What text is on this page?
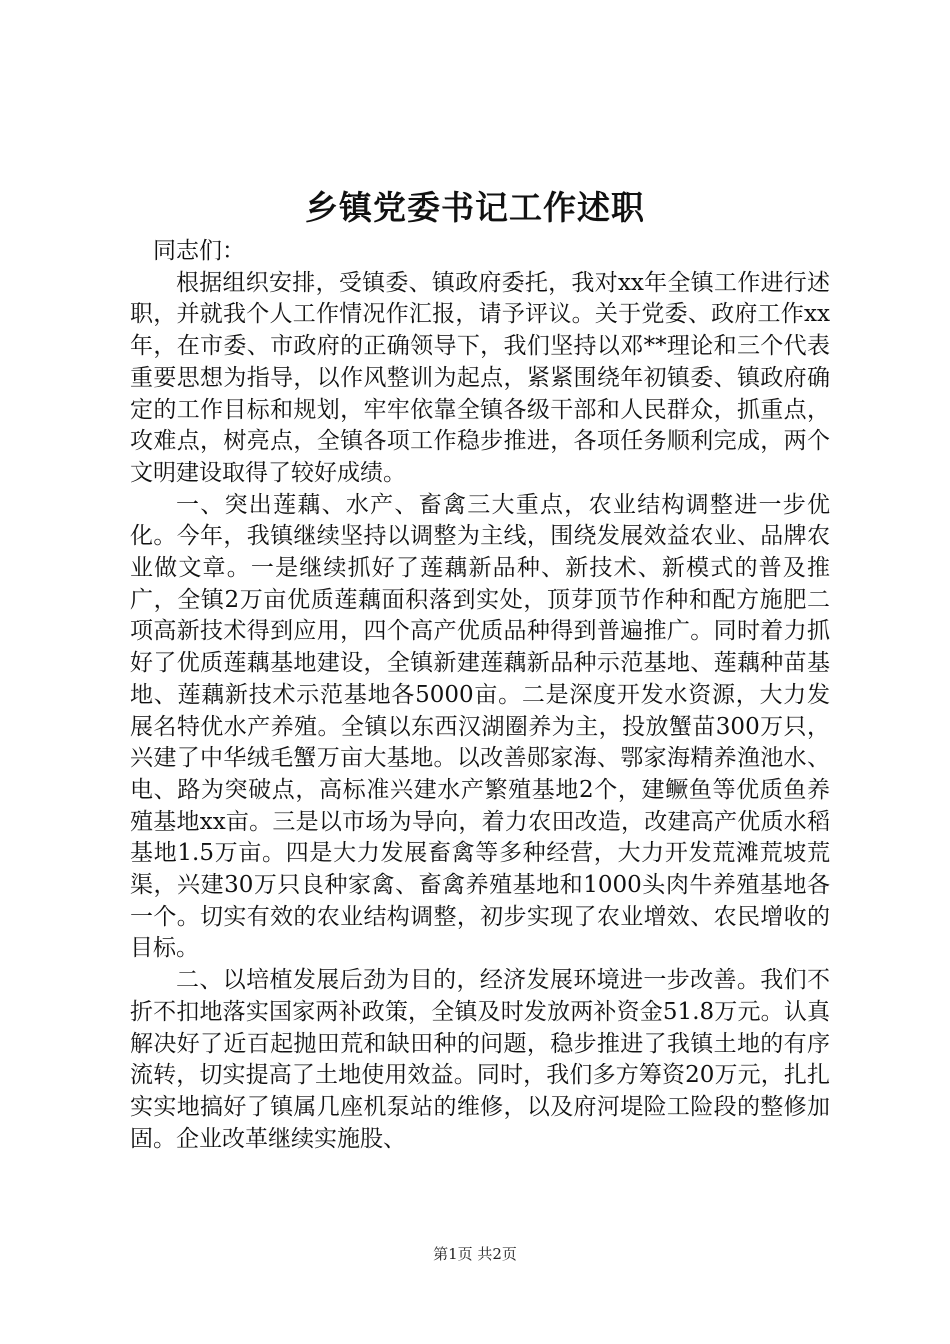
乡镇党委书记工作述职

同志们：

根据组织安排，受镇委、镇政府委托，我对xx年全镇工作进行述职，并就我个人工作情况作汇报，请予评议。关于党委、政府工作xx年，在市委、市政府的正确领导下，我们坚持以邓**理论和三个代表重要思想为指导，以作风整训为起点，紧紧围绕年初镇委、镇政府确定的工作目标和规划，牢牢依靠全镇各级干部和人民群众，抓重点，攻难点，树亮点，全镇各项工作稳步推进，各项任务顺利完成，两个文明建设取得了较好成绩。

一、突出莲藕、水产、畜禽三大重点，农业结构调整进一步优化。今年，我镇继续坚持以调整为主线，围绕发展效益农业、品牌农业做文章。一是继续抓好了莲藕新品种、新技术、新模式的普及推广，全镇2万亩优质莲藕面积落到实处，顶芽顶节作种和配方施肥二项高新技术得到应用，四个高产优质品种得到普遍推广。同时着力抓好了优质莲藕基地建设，全镇新建莲藕新品种示范基地、莲藕种苗基地、莲藕新技术示范基地各5000亩。二是深度开发水资源，大力发展名特优水产养殖。全镇以东西汉湖圈养为主，投放蟹苗300万只，兴建了中华绒毛蟹万亩大基地。以改善郧家海、鄂家海精养渔池水、电、路为突破点，高标准兴建水产繁殖基地2个，建鳜鱼等优质鱼养殖基地xx亩。三是以市场为导向，着力农田改造，改建高产优质水稻基地1.5万亩。四是大力发展畜禽等多种经营，大力开发荒滩荒坡荒渠，兴建30万只良种家禽、畜禽养殖基地和1000头肉牛养殖基地各一个。切实有效的农业结构调整，初步实现了农业增效、农民增收的目标。

二、以培植发展后劲为目的，经济发展环境进一步改善。我们不折不扣地落实国家两补政策，全镇及时发放两补资金51.8万元。认真解决好了近百起抛田荒和缺田种的问题，稳步推进了我镇土地的有序流转，切实提高了土地使用效益。同时，我们多方筹资20万元，扎扎实实地搞好了镇属几座机泵站的维修，以及府河堤险工险段的整修加固。企业改革继续实施股、

第1页 共2页
